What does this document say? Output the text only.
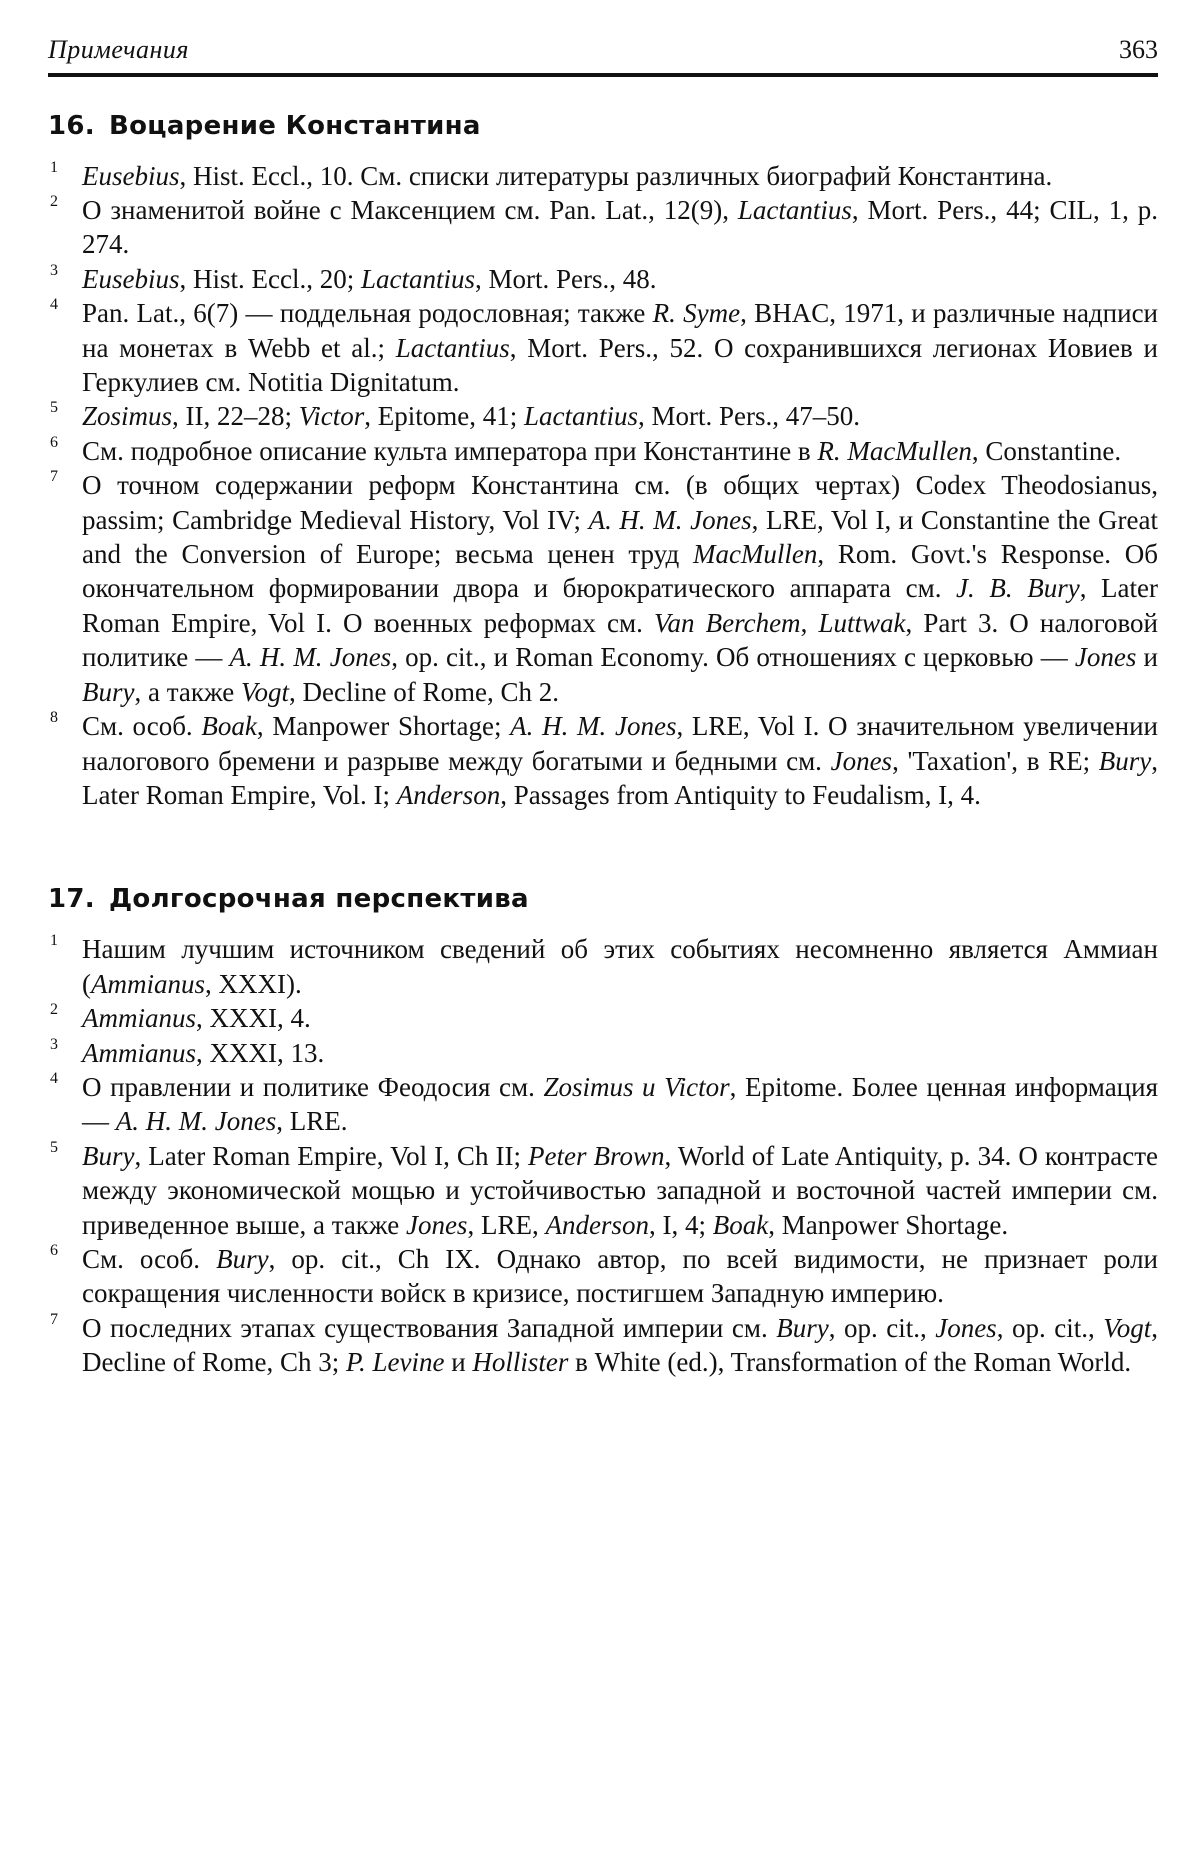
Примечания	363
16. Воцарение Константина
1 Eusebius, Hist. Eccl., 10. См. списки литературы различных биографий Константина.
2 О знаменитой войне с Максенцием см. Pan. Lat., 12(9), Lactantius, Mort. Pers., 44; CIL, 1, p. 274.
3 Eusebius, Hist. Eccl., 20; Lactantius, Mort. Pers., 48.
4 Pan. Lat., 6(7) — поддельная родословная; также R. Syme, BHAC, 1971, и различные надписи на монетах в Webb et al.; Lactantius, Mort. Pers., 52. О сохранившихся легионах Иовиев и Геркулиев см. Notitia Dignitatum.
5 Zosimus, II, 22–28; Victor, Epitome, 41; Lactantius, Mort. Pers., 47–50.
6 См. подробное описание культа императора при Константине в R. MacMullen, Constantine.
7 О точном содержании реформ Константина см. (в общих чертах) Codex Theodosianus, passim; Cambridge Medieval History, Vol IV; A. H. M. Jones, LRE, Vol I, и Constantine the Great and the Conversion of Europe; весьма ценен труд MacMullen, Rom. Govt.'s Response. Об окончательном формировании двора и бюрократического аппарата см. J. B. Bury, Later Roman Empire, Vol I. О военных реформах см. Van Berchem, Luttwak, Part 3. О налоговой политике — A. H. M. Jones, op. cit., и Roman Economy. Об отношениях с церковью — Jones и Bury, а также Vogt, Decline of Rome, Ch 2.
8 См. особ. Boak, Manpower Shortage; A. H. M. Jones, LRE, Vol I. О значительном увеличении налогового бремени и разрыве между богатыми и бедными см. Jones, 'Taxation', в RE; Bury, Later Roman Empire, Vol. I; Anderson, Passages from Antiquity to Feudalism, I, 4.
17. Долгосрочная перспектива
1 Нашим лучшим источником сведений об этих событиях несомненно является Аммиан (Ammianus, XXXI).
2 Ammianus, XXXI, 4.
3 Ammianus, XXXI, 13.
4 О правлении и политике Феодосия см. Zosimus и Victor, Epitome. Более ценная информация — A. H. M. Jones, LRE.
5 Bury, Later Roman Empire, Vol I, Ch II; Peter Brown, World of Late Antiquity, p. 34. О контрасте между экономической мощью и устойчивостью западной и восточной частей империи см. приведенное выше, а также Jones, LRE, Anderson, I, 4; Boak, Manpower Shortage.
6 См. особ. Bury, op. cit., Ch IX. Однако автор, по всей видимости, не признает роли сокращения численности войск в кризисе, постигшем Западную империю.
7 О последних этапах существования Западной империи см. Bury, op. cit., Jones, op. cit., Vogt, Decline of Rome, Ch 3; P. Levine и Hollister в White (ed.), Transformation of the Roman World.
